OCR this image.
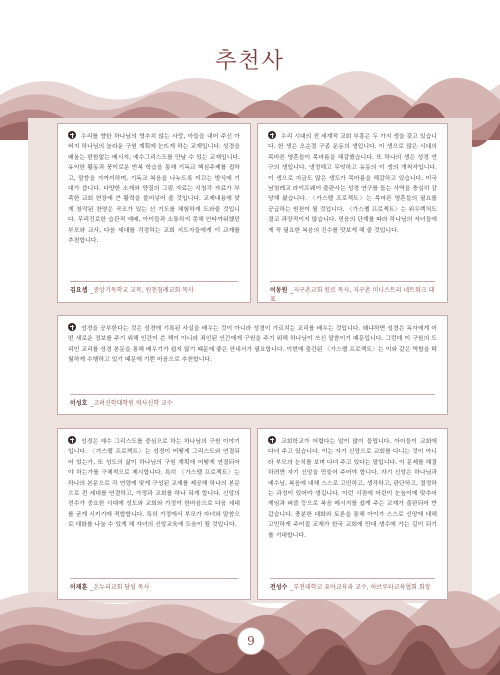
추천사

우리를 향한 하나님의 영추치 않는 사랑, 아들을 내어 주신 아버지 하나님의 놀라운 구원 계획에 눈뜨게 하는 교재입니다. 성경을 배움는 편함없는 메시지, 예수그리스도를 만날 수 있는 교재입니다. 유익한 활동과 풍이로운 반복 학습을 통해 기독교 핵심주제를 접하고, 말씀을 가까이하며, 기독교 복음을 나누도록 이끄는 방식에 기대가 큽니다. 다양한 소재와 양질의 그림 자료는 시청각 자료가 부족한 교회 현장에 큰 활력을 불어넣어 줄 것입니다. 교제내용에 맞게 창작된 찬양은 곡조가 있는 신 기도를 체험하게 도와줄 것입니다. 무리진로한 습관적 예배, 아이들과 소통하지 못해 안타까워했던 부모와 교사, 다음 세대를 걱정하는 교회 지도자들에게 이 교재를 추천합니다.

김요셉 _중앙기독학교 교목, 원천침례교회 목사

우리 시대의 전 세계적 교회 부흥은 두 가지 생을 갖고 있습니다. 한 생은 오순절 구종 운동의 생입니다. 이 생으로 많은 시대의 목마른 영혼들이 목마름을 해갈했습니다. 또 하나의 생은 성경 연구의 생입니다. 냉정해고 무엇하고 유동의 이 생의 개척자입니다. 이 생으로 지금도 많은 생도가 목마름을 해갈하고 있습니다. 미국 남침례교 라이프웨이 출판사는 성경 연구를 돕는 사역을 충실히 감당해 왔습니다. 〈가스펠 프로젝트〉는 목마른 영혼들의 필요를 공급하는 원천이 될 것입니다. 〈가스펠 프로젝트〉는 위우렉처도 결코 과장적이지 않습니다. 믿음의 단계를 따라 하나님의 자녀들에게 꼭 필요한 복음의 진수를 맛보게 해 줄 것입니다.

이동원 _지구촌교회 원로 목사, 지구촌 미니스트리 네트워크 대표

성경을 공부한다는 것은 성경에 기록된 사실을 배우는 것이 아니라 성경이 가르치는 교리를 배우는 것입니다. 왜냐하면 성경은 독자에게 어떤 새로운 정보를 주기 위해 인간이 쓴 책이 아니라 죄인된 인간에게 구원을 주기 위해 하나님이 쓰신 말씀이기 때문입니다. 그런데 이 구원의 도리인 교리를 성경 본문을 통해 배우기가 쉽지 않기 때문에 좋은 안내서가 필요합니다. 이번에 출간된 〈가스펠 프로젝트〉는 이와 같은 역할을 탁월하게 수행하고 있기 때문에 기쁜 마음으로 추천합니다.

이성호 _고려신학대학원 역사신학 교수

성경은 예수 그리스도를 중심으로 하는 하나님의 구원 이야기입니다. 〈가스펠 프로젝트〉는 성경이 어떻게 그리스도와 연결되어 있는가, 또 성도의 삶이 하나님의 구원 계획에 어떻게 연결되어야 하는가를 구체적으로 제시합니다. 특히 〈가스펠 프로젝트〉는 하나의 본문으로 각 연령에 맞게 구성된 교재를 제공해 하나의 본문으로 전 세대를 연결하고, 가정과 교회를 하나 되게 합니다. 신앙의 전수가 중요한 시대에 성도와 교회와 가정이 한마음으로 다음 세대를 굳게 시키기에 적합합니다. 특히 가정에서 부모가 자녀와 말씀으로 대화를 나눌 수 있게 해 자녀의 신앙교육에 도움이 될 것입니다.

이재훈 _온누리교회 담임 목사

교회학교가 어렵다는 말이 많이 들립니다. 아이들이 교회에 다녀 주고 있습니다. 이는 자기 신앙으로 교회를 다니는 것이 아니라 부모의 눈치를 보며 다녀 주고 있다는 말입니다. 이 문제를 해결하려면 자기 신앙을 만들어 주어야 합니다. 자기 신앙은 하나님과 예수님, 복음에 대해 스스로 고민하고, 생각하고, 판단하고, 결정하는 과정이 있어야 생깁니다. 이런 시점에 어린이 눈높이에 맞추어 게임과 퍼즐 등으로 복음 메시지를 쉽게 주는 교재가 출판되어 반갑습니다. 충분한 대화와 토론을 통해 아이가 스스로 신앙에 대해 고민하게 주어질 교재가 한국 교회에 만대 생수에 가는 길이 되기를 기대합니다.

전성수 _부천대학교 유아교육과 교수, 하브루타교육협회 회장
9
